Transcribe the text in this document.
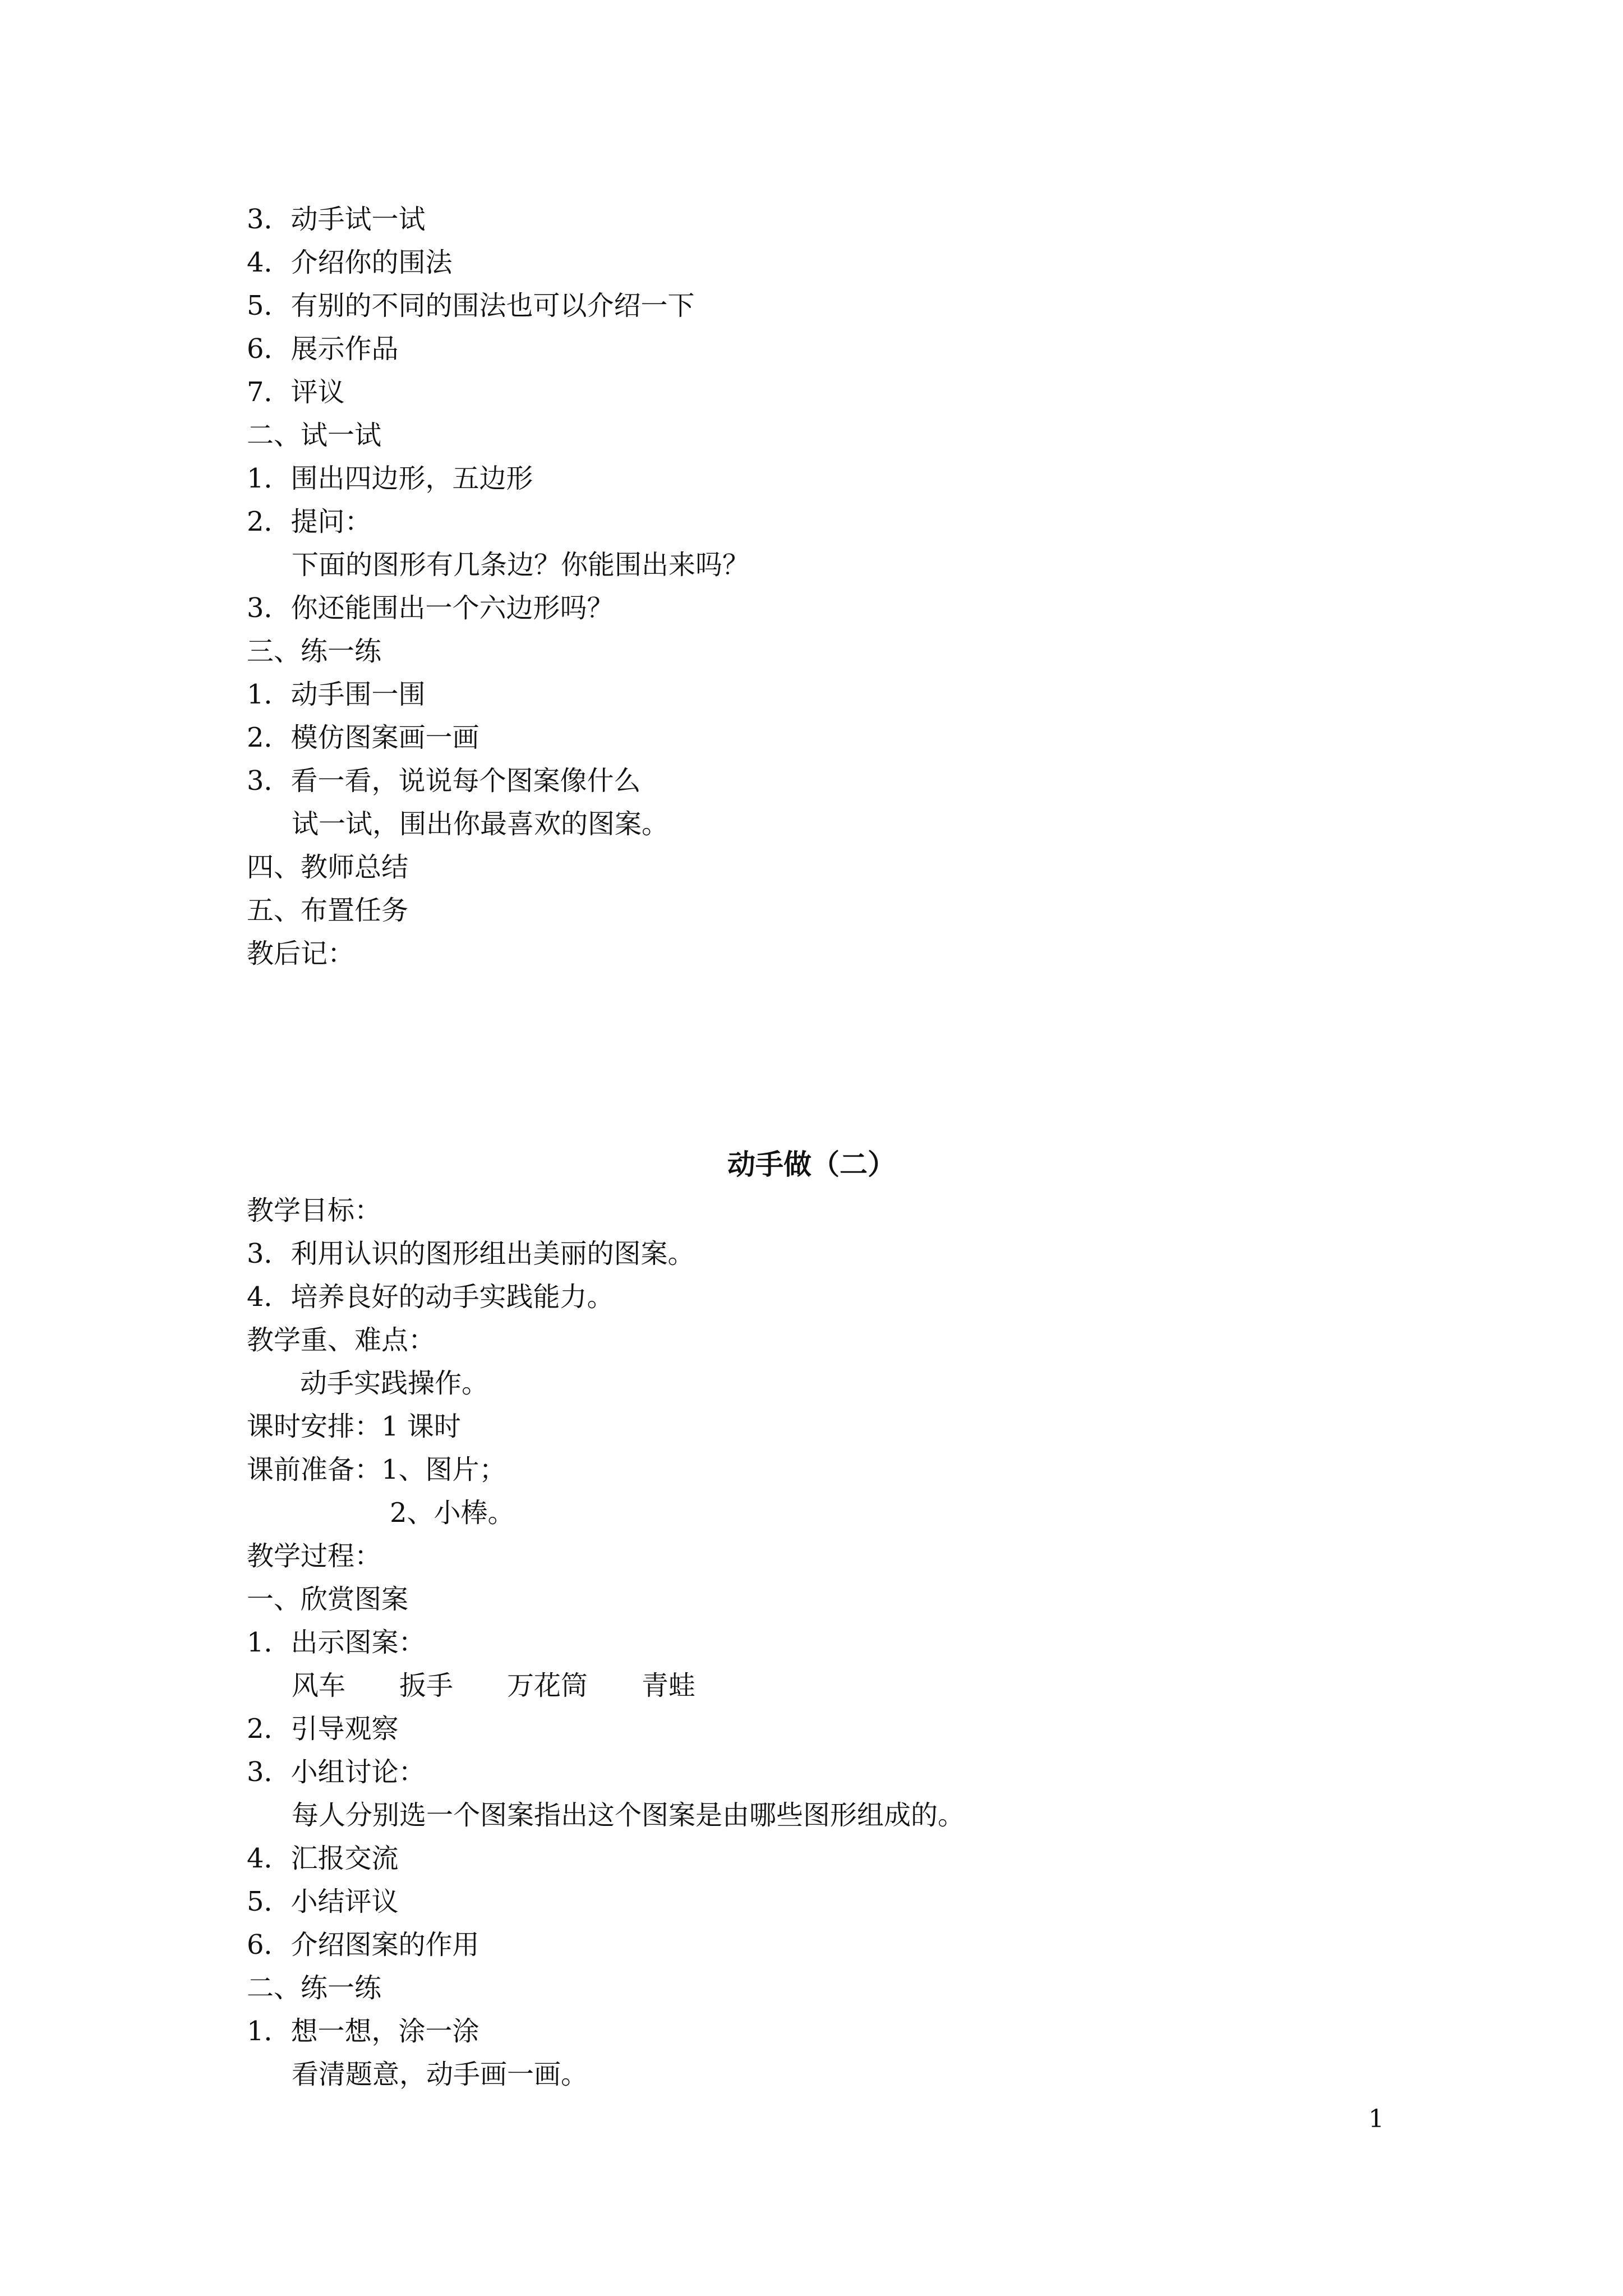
3．动手试一试
4．介绍你的围法
5．有别的不同的围法也可以介绍一下
6．展示作品
7．评议
二、试一试
1．围出四边形，五边形
2．提问：
下面的图形有几条边？你能围出来吗？
3．你还能围出一个六边形吗？
三、练一练
1．动手围一围
2．模仿图案画一画
3．看一看，说说每个图案像什么
试一试，围出你最喜欢的图案。
四、教师总结
五、布置任务
教后记：
动手做（二）
教学目标：
3．利用认识的图形组出美丽的图案。
4．培养良好的动手实践能力。
教学重、难点：
动手实践操作。
课时安排：1 课时
课前准备：1、图片；
2、小棒。
教学过程：
一、欣赏图案
1．出示图案：
风车　　扳手　　万花筒　　青蛙
2．引导观察
3．小组讨论：
每人分别选一个图案指出这个图案是由哪些图形组成的。
4．汇报交流
5．小结评议
6．介绍图案的作用
二、练一练
1．想一想，涂一涂
看清题意，动手画一画。
1
